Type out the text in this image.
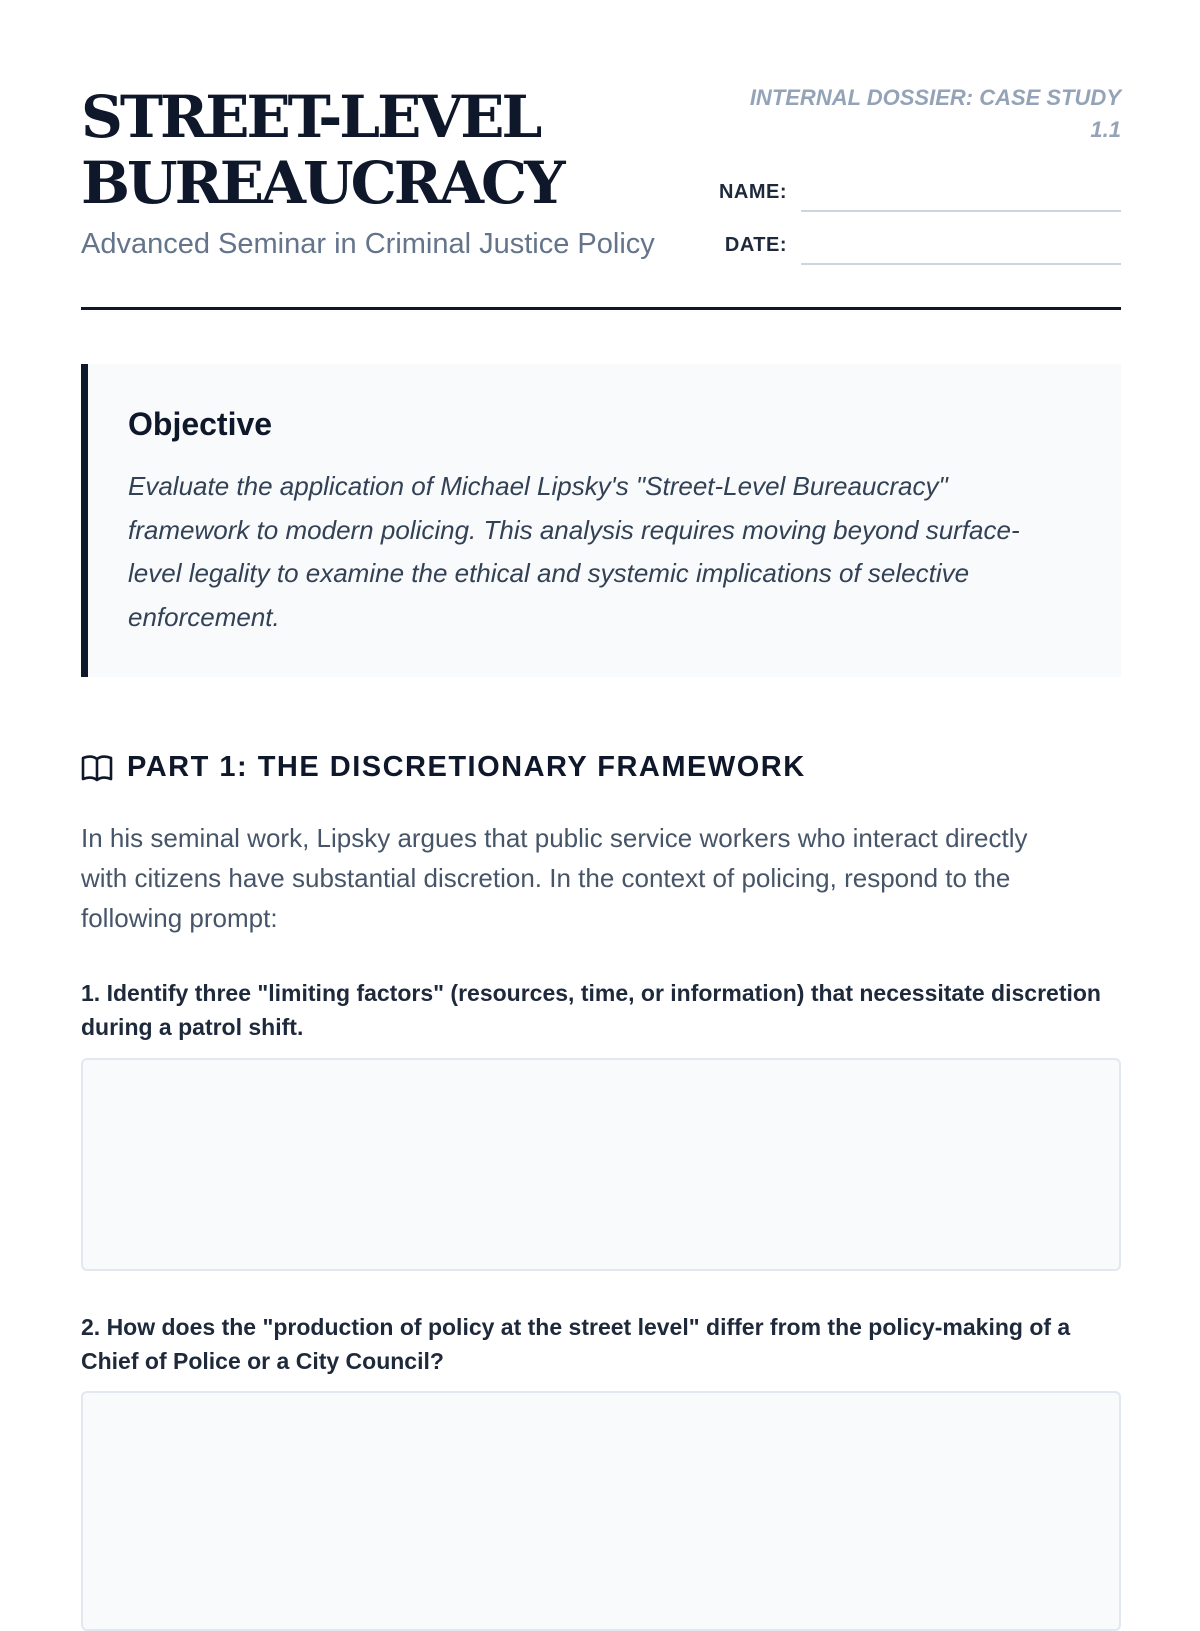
STREET-LEVEL
BUREAUCRACY
Advanced Seminar in Criminal Justice Policy
INTERNAL DOSSIER: CASE STUDY
1.1
NAME:
DATE:
Objective

Evaluate the application of Michael Lipsky's "Street-Level Bureaucracy" framework to modern policing. This analysis requires moving beyond surface-level legality to examine the ethical and systemic implications of selective enforcement.

PART 1: THE DISCRETIONARY FRAMEWORK

In his seminal work, Lipsky argues that public service workers who interact directly with citizens have substantial discretion. In the context of policing, respond to the following prompt:

1. Identify three "limiting factors" (resources, time, or information) that necessitate discretion during a patrol shift.

2. How does the "production of policy at the street level" differ from the policy-making of a Chief of Police or a City Council?
